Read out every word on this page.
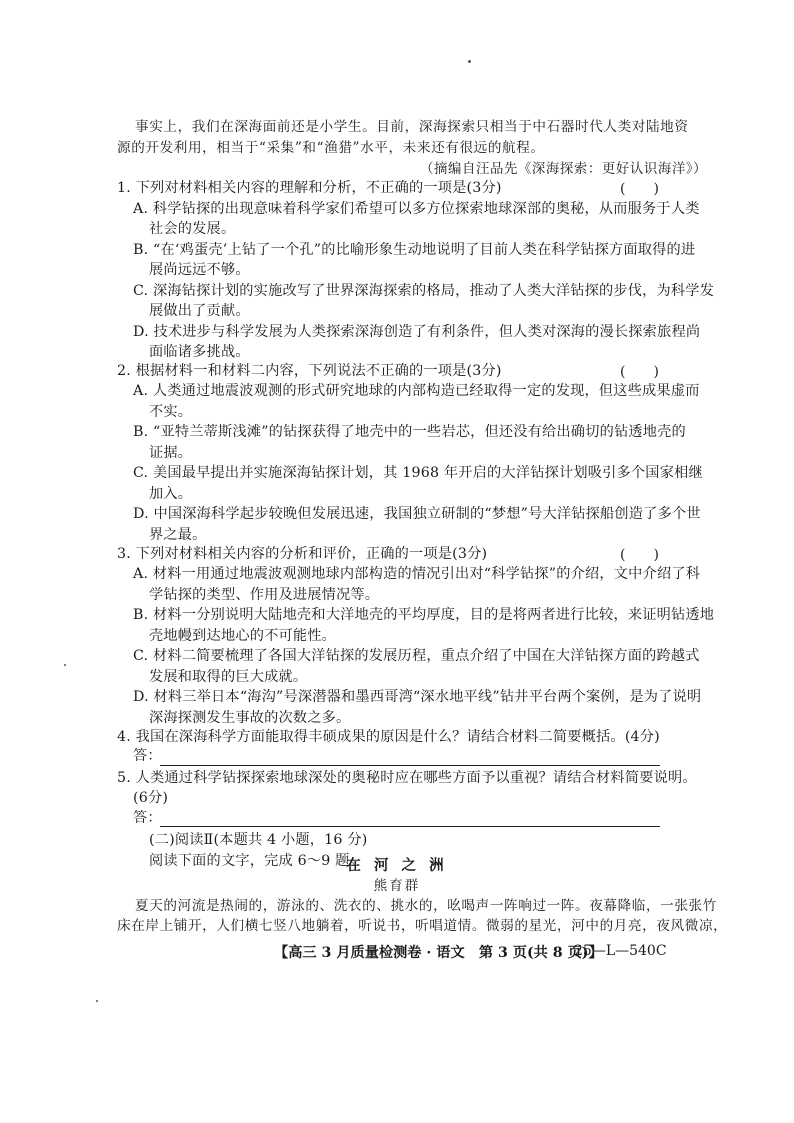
事实上，我们在深海面前还是小学生。目前，深海探索只相当于中石器时代人类对陆地资
源的开发利用，相当于“采集”和“渔猎”水平，未来还有很远的航程。
（摘编自汪品先《深海探索：更好认识海洋》）
1. 下列对材料相关内容的理解和分析，不正确的一项是(3分)	(　　)
A. 科学钻探的出现意味着科学家们希望可以多方位探索地球深部的奥秘，从而服务于人类
社会的发展。
B. “在‘鸡蛋壳’上钻了一个孔”的比喻形象生动地说明了目前人类在科学钻探方面取得的进
展尚远远不够。
C. 深海钻探计划的实施改写了世界深海探索的格局，推动了人类大洋钻探的步伐，为科学发
展做出了贡献。
D. 技术进步与科学发展为人类探索深海创造了有利条件，但人类对深海的漫长探索旅程尚
面临诸多挑战。
2. 根据材料一和材料二内容，下列说法不正确的一项是(3分)	(　　)
A. 人类通过地震波观测的形式研究地球的内部构造已经取得一定的发现，但这些成果虚而
不实。
B. “亚特兰蒂斯浅滩”的钻探获得了地壳中的一些岩芯，但还没有给出确切的钻透地壳的
证据。
C. 美国最早提出并实施深海钻探计划，其 1968 年开启的大洋钻探计划吸引多个国家相继
加入。
D. 中国深海科学起步较晚但发展迅速，我国独立研制的“梦想”号大洋钻探船创造了多个世
界之最。
3. 下列对材料相关内容的分析和评价，正确的一项是(3分)	(　　)
A. 材料一用通过地震波观测地球内部构造的情况引出对“科学钻探”的介绍，文中介绍了科
学钻探的类型、作用及进展情况等。
B. 材料一分别说明大陆地壳和大洋地壳的平均厚度，目的是将两者进行比较，来证明钻透地
壳地幔到达地心的不可能性。
C. 材料二简要梳理了各国大洋钻探的发展历程，重点介绍了中国在大洋钻探方面的跨越式
发展和取得的巨大成就。
D. 材料三举日本“海沟”号深潜器和墨西哥湾“深水地平线”钻井平台两个案例，是为了说明
深海探测发生事故的次数之多。
4. 我国在深海科学方面能取得丰硕成果的原因是什么？请结合材料二简要概括。(4分)
答：
5. 人类通过科学钻探探索地球深处的奥秘时应在哪些方面予以重视？请结合材料简要说明。
(6分)
答：
(二)阅读Ⅱ(本题共 4 小题，16 分)
阅读下面的文字，完成 6～9 题。
在 河 之 洲
熊育群
夏天的河流是热闹的，游泳的、洗衣的、挑水的，吆喝声一阵响过一阵。夜幕降临，一张张竹
床在岸上铺开，人们横七竖八地躺着，听说书，听唱道情。微弱的星光，河中的月亮，夜风微凉，
【高三 3 月质量检测卷 · 语文　第 3 页(共 8 页)】
25—L—540C
